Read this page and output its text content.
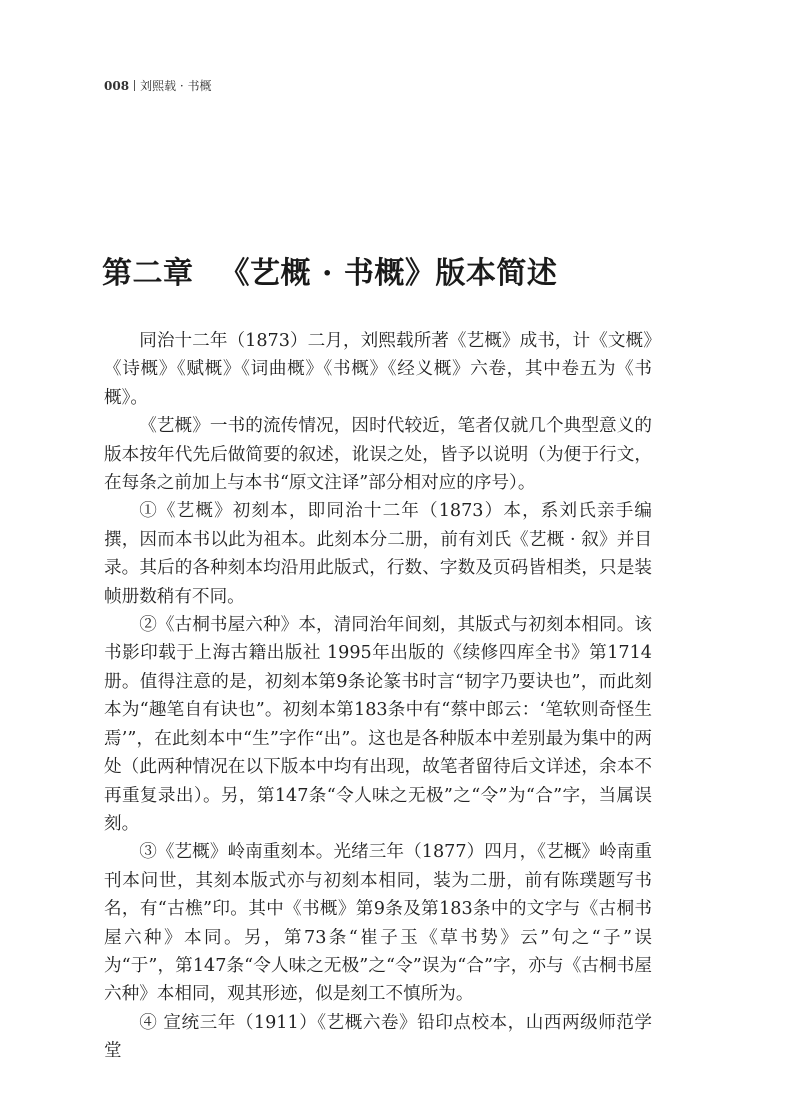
008 刘熙载 · 书概
第二章 《艺概 · 书概》版本简述

同治十二年（1873）二月，刘熙载所著《艺概》成书，计《文概》《诗概》《赋概》《词曲概》《书概》《经义概》六卷，其中卷五为《书概》。

《艺概》一书的流传情况，因时代较近，笔者仅就几个典型意义的版本按年代先后做简要的叙述，讹误之处，皆予以说明（为便于行文，在每条之前加上与本书“原文注译”部分相对应的序号）。

①《艺概》初刻本，即同治十二年（1873）本，系刘氏亲手编撰，因而本书以此为祖本。此刻本分二册，前有刘氏《艺概 · 叙》并目 录。其后的各种刻本均沿用此版式，行数、字数及页码皆相类，只是装帧册数稍有不同。

②《古桐书屋六种》本，清同治年间刻，其版式与初刻本相同。该书影印载于上海古籍出版社 1995年出版的《续修四库全书》第1714册。值得注意的是，初刻本第9条论篆书时言“韧字乃要诀也”，而此刻本为“趣笔自有诀也”。初刻本第183条中有“蔡中郎云：‘笔软则奇怪生焉’”，在此刻本中“生”字作“出”。这也是各种版本中差别最为集中的两处（此两种情况在以下版本中均有出现，故笔者留待后文详述，余本不再重复录出）。另，第147条“令人味之无极”之“令”为“合”字，当属误刻。

③《艺概》岭南重刻本。光绪三年（1877）四月，《艺概》岭南重刊本问世，其刻本版式亦与初刻本相同，装为二册，前有陈璞题写书名，有“古樵”印。其中《书概》第9条及第183条中的文字与《古桐书屋六种》本同。另，第73条“崔子玉《草书势》云”句之“子”误为“于”，第147条“令人味之无极”之“令”误为“合”字，亦与《古桐书屋六种》本相同，观其形迹，似是刻工不慎所为。

④ 宣统三年（1911）《艺概六卷》铅印点校本，山西两级师范学堂
